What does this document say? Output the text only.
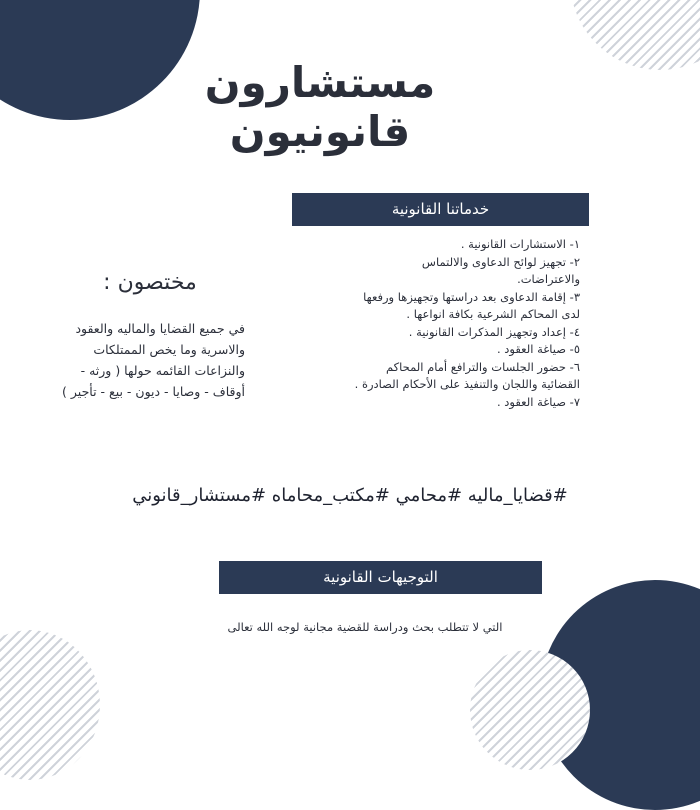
مستشارون قانونيون
خدماتنا القانونية
١- الاستشارات القانونية .
٢- تجهيز لوائح الدعاوى والالتماس
والاعتراضات.
٣- إقامة الدعاوى بعد دراستها وتجهيزها ورفعها
لدى المحاكم الشرعية بكافة انواعها .
٤- إعداد وتجهيز المذكرات القانونية .
٥- صياغة العقود .
٦- حضور الجلسات والترافع أمام المحاكم
القضائية واللجان والتنفيذ على الأحكام الصادرة .
٧- صياغة العقود .
مختصون :
في جميع القضايا والماليه والعقود
والاسرية وما يخص الممتلكات
والنزاعات القائمه حولها ( ورثه -
أوقاف - وصايا - ديون - بيع - تأجير )
#قضايا_ماليه #محامي #مكتب_محاماه #مستشار_قانوني
التوجيهات القانونية
التي لا تتطلب بحث ودراسة للقضية مجانية لوجه الله تعالى
